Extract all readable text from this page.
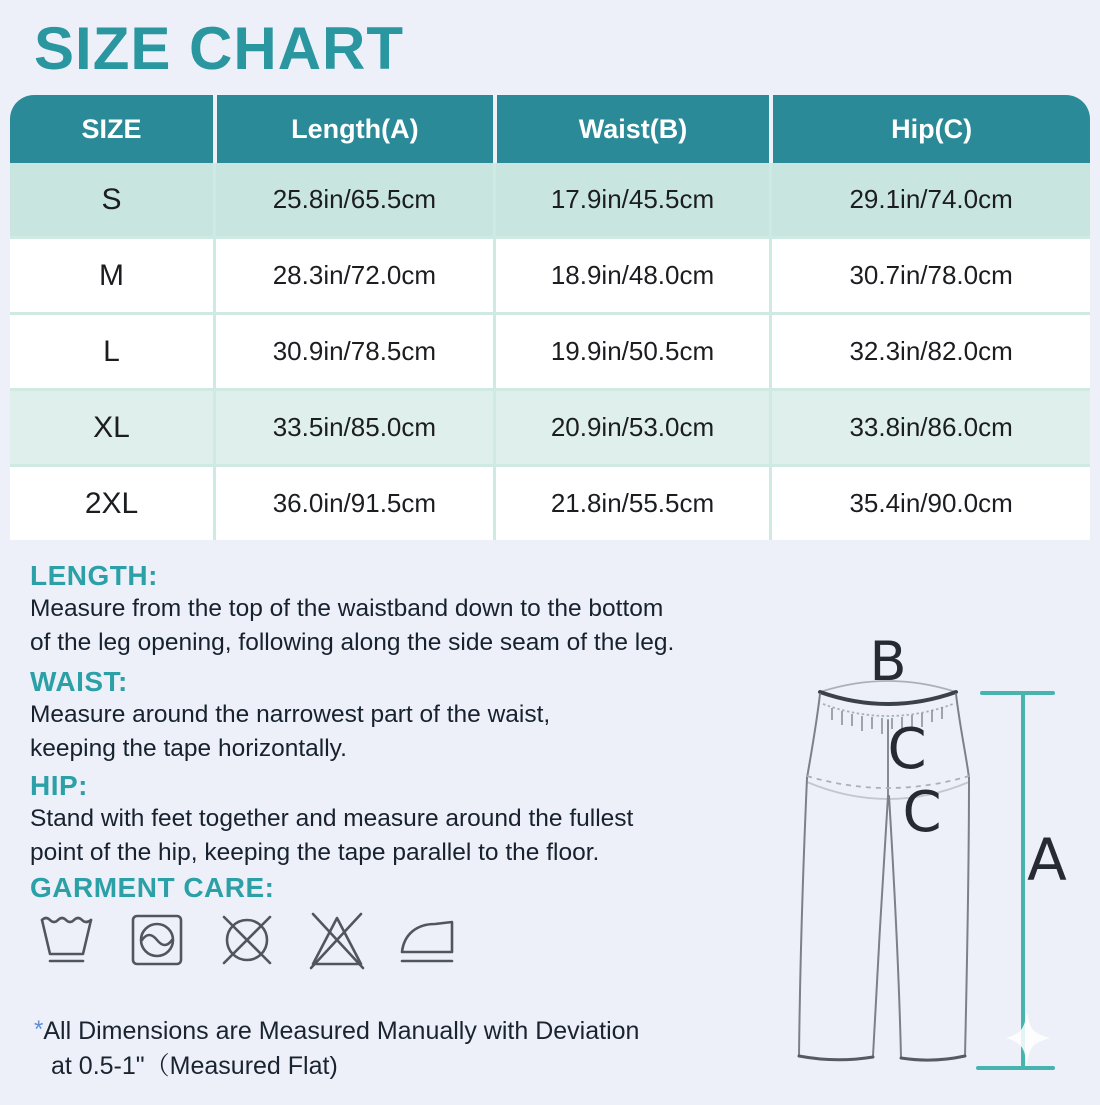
SIZE CHART
SIZE	Length(A)	Waist(B)	Hip(C)
S	25.8in/65.5cm	17.9in/45.5cm	29.1in/74.0cm
M	28.3in/72.0cm	18.9in/48.0cm	30.7in/78.0cm
L	30.9in/78.5cm	19.9in/50.5cm	32.3in/82.0cm
XL	33.5in/85.0cm	20.9in/53.0cm	33.8in/86.0cm
2XL	36.0in/91.5cm	21.8in/55.5cm	35.4in/90.0cm
LENGTH:
Measure from the top of the waistband down to the bottom
of the leg opening, following along the side seam of the leg.
WAIST:
Measure around the narrowest part of the waist,
keeping the tape horizontally.
HIP:
Stand with feet together and measure around the fullest
point of the hip, keeping the tape parallel to the floor.
GARMENT CARE:
*All Dimensions are Measured Manually with Deviation
at 0.5-1"（Measured Flat)
B
C
C
A
